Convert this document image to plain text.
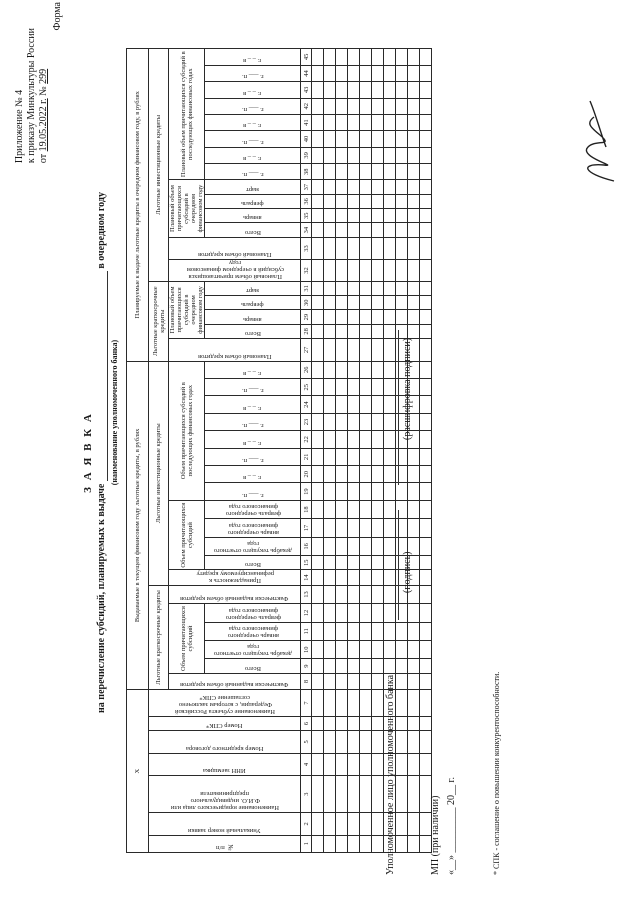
Приложение № 4 к приказу Минкультуры России от 19.05.2022 г. № 299
Форма
З А Я В К А
на перечисление субсидий, планируемых к выдаче   в очередном году
(наименование уполномоченного банка)
X							Выдаваемые в текущем финансовом году льготные кредиты, в рублях																			Планируемые к выдаче льготные кредиты в очередном финансовом году, в рублях																		

№ п/п	Уникальный номер заявки	Наименование юридического лица или Ф.И.О. индивидуального предпринимателя	ИНН заемщика	Номер кредитного договора	Номер СПК*	Наименование субъекта Российской Федерации, с которым заключено соглашение СПК*	Льготные краткосрочные кредиты						Льготные инвестиционные кредиты													Льготные краткосрочные кредиты					Льготные инвестиционные кредиты													

							Фактически выданный объем кредитов	Объем причитающихся субсидий				Фактически выданный объем кредитов	Принадлежность к рефинансируемому кредиту	Объем причитающихся субсидий				Объем причитающихся субсидий в последующих финансовых годах								Плановый объем кредитов	Плановый объем причитающихся субсидий в очередном финансовом году				Плановый объем причитающихся субсидий в очередном финансовом году	Плановый объем кредитов	Плановый объем причитающихся субсидий в очередном финансовом году				Плановый объем причитающихся субсидий в последующих финансовых годах							

								Всего	декабрь текущего отчетного года	январь очередного финансового года	февраль очередного финансового года			Всего	декабрь текущего отчетного года	январь очередного финансового года	февраль очередного финансового года	г. ___ п.	г. _ _ в	г. ___ п.	г. _ _ в	г. ___ п.	г. _ _ в	г. ___ п.	г. _ _ в		Всего	январь	февраль	март			Всего	январь	февраль	март	г. ___ п.	г. _ _ в	г. ___ п.	г. _ _ в	г. ___ п.	г. _ _ в	г. ___ п.	г. _ _ в

1	2	3	4	5	6	7	8	9	10	11	12	13	14	15	16	17	18	19	20	21	22	23	24	25	26	27	28	29	30	31	32	33	34	35	36	37	38	39	40	41	42	43	44	45

Уполномоченное лицо уполномоченного банка
(подпись)
(расшифровка подписи)
МП (при наличии) «__» _________ 20__ г.	* СПК - соглашение о повышении конкурентоспособности.
